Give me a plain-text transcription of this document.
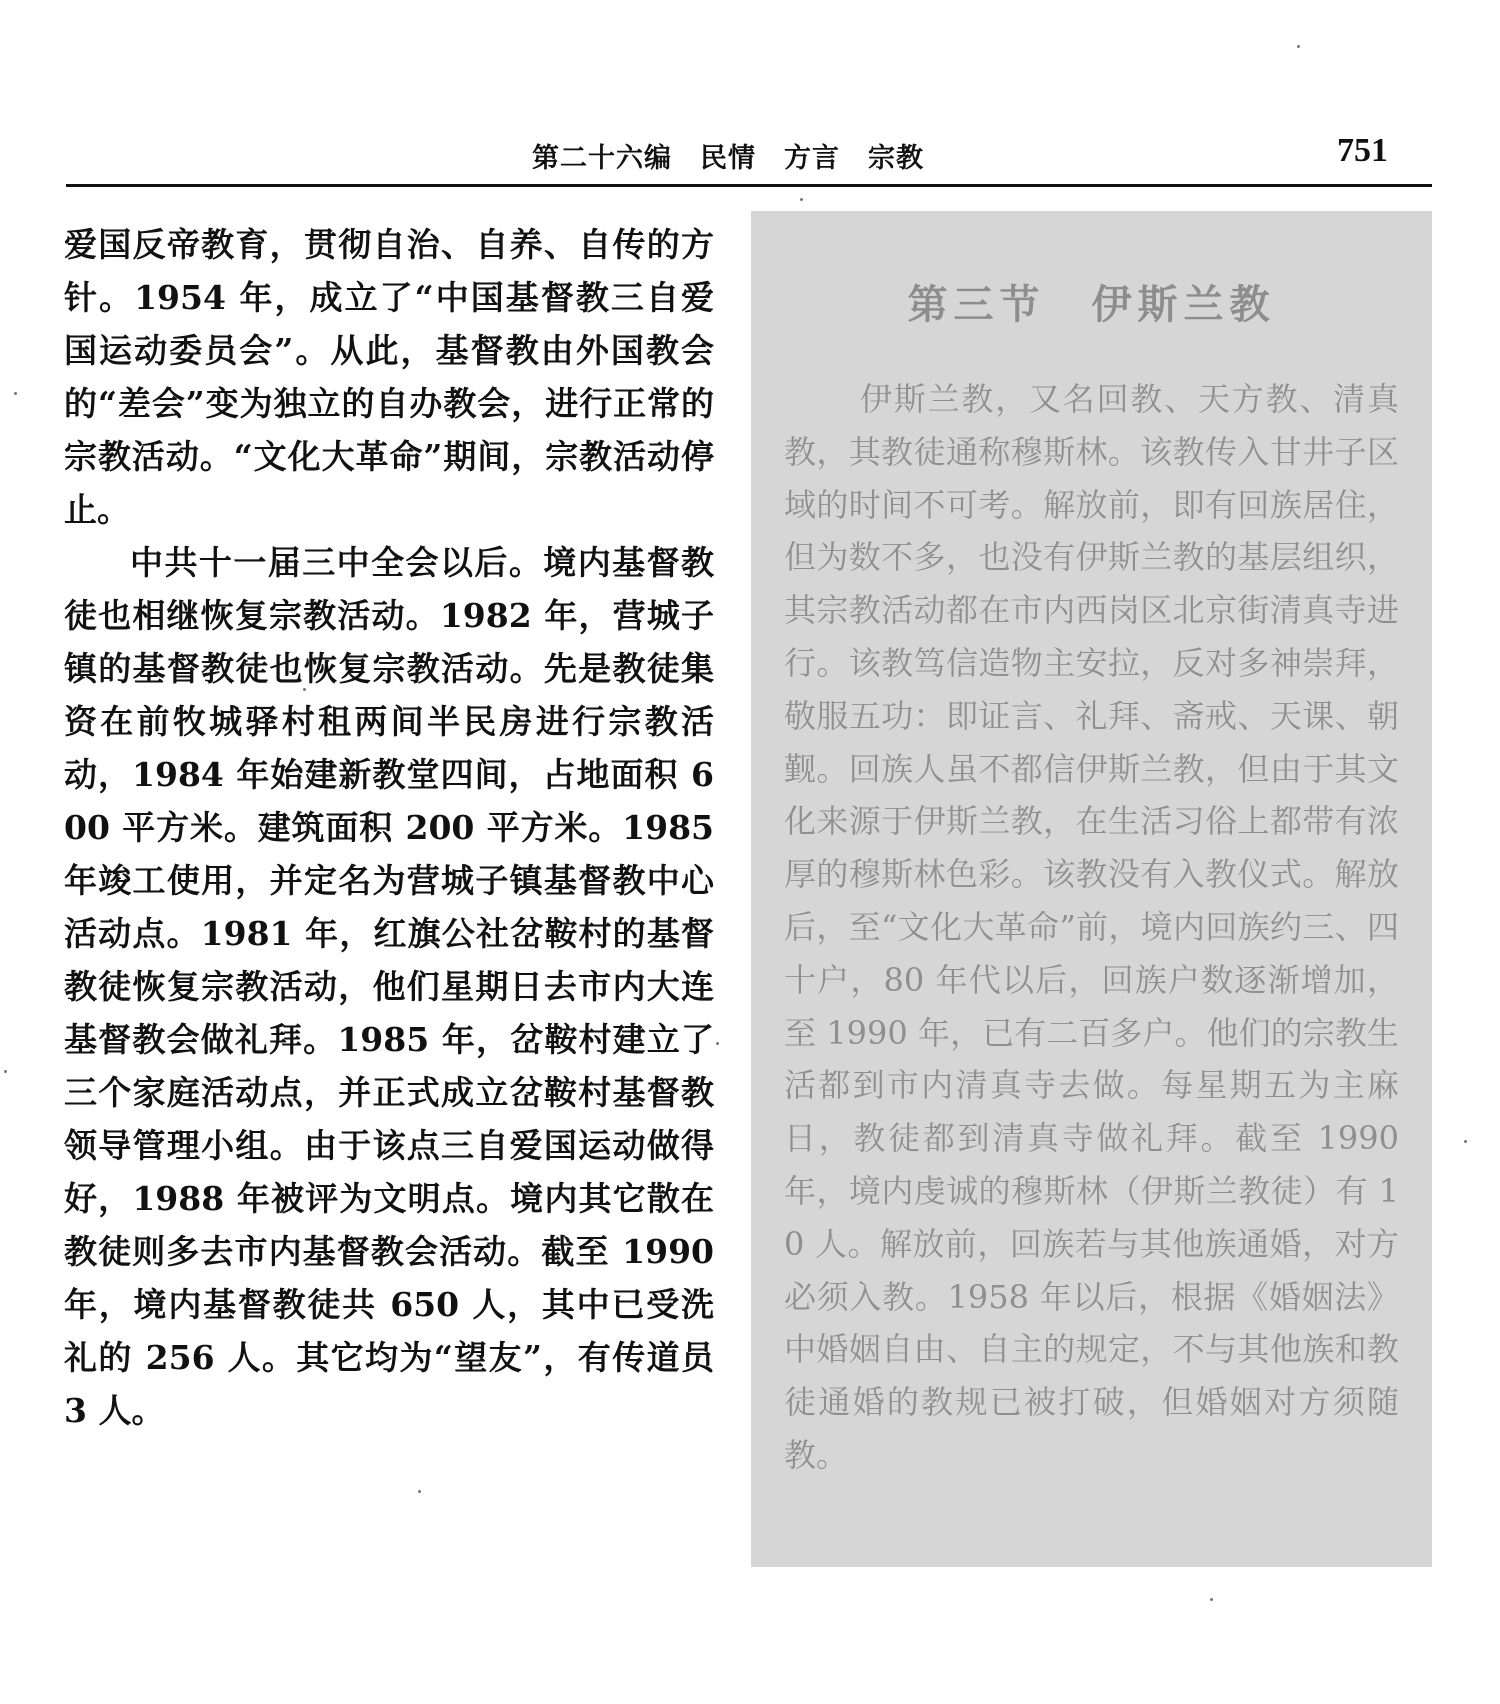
第二十六编　民情　方言　宗教	751

爱国反帝教育，贯彻自治、自养、自传的方针。1954 年，成立了“中国基督教三自爱国运动委员会”。从此，基督教由外国教会的“差会”变为独立的自办教会，进行正常的宗教活动。“文化大革命”期间，宗教活动停止。

中共十一届三中全会以后。境内基督教徒也相继恢复宗教活动。1982 年，营城子镇的基督教徒也恢复宗教活动。先是教徒集资在前牧城驿村租两间半民房进行宗教活动，1984 年始建新教堂四间，占地面积 600 平方米。建筑面积 200 平方米。1985 年竣工使用，并定名为营城子镇基督教中心活动点。1981 年，红旗公社岔鞍村的基督教徒恢复宗教活动，他们星期日去市内大连基督教会做礼拜。1985 年，岔鞍村建立了三个家庭活动点，并正式成立岔鞍村基督教领导管理小组。由于该点三自爱国运动做得好，1988 年被评为文明点。境内其它散在教徒则多去市内基督教会活动。截至 1990 年，境内基督教徒共 650 人，其中已受洗礼的 256 人。其它均为“望友”，有传道员 3 人。

第三节　伊斯兰教

伊斯兰教，又名回教、天方教、清真教，其教徒通称穆斯林。该教传入甘井子区域的时间不可考。解放前，即有回族居住，但为数不多，也没有伊斯兰教的基层组织，其宗教活动都在市内西岗区北京街清真寺进行。该教笃信造物主安拉，反对多神崇拜，敬服五功：即证言、礼拜、斋戒、天课、朝觐。回族人虽不都信伊斯兰教，但由于其文化来源于伊斯兰教，在生活习俗上都带有浓厚的穆斯林色彩。该教没有入教仪式。解放后，至“文化大革命”前，境内回族约三、四十户，80 年代以后，回族户数逐渐增加，至 1990 年，已有二百多户。他们的宗教生活都到市内清真寺去做。每星期五为主麻日，教徒都到清真寺做礼拜。截至 1990 年，境内虔诚的穆斯林（伊斯兰教徒）有 10 人。解放前，回族若与其他族通婚，对方必须入教。1958 年以后，根据《婚姻法》中婚姻自由、自主的规定，不与其他族和教徒通婚的教规已被打破，但婚姻对方须随教。
